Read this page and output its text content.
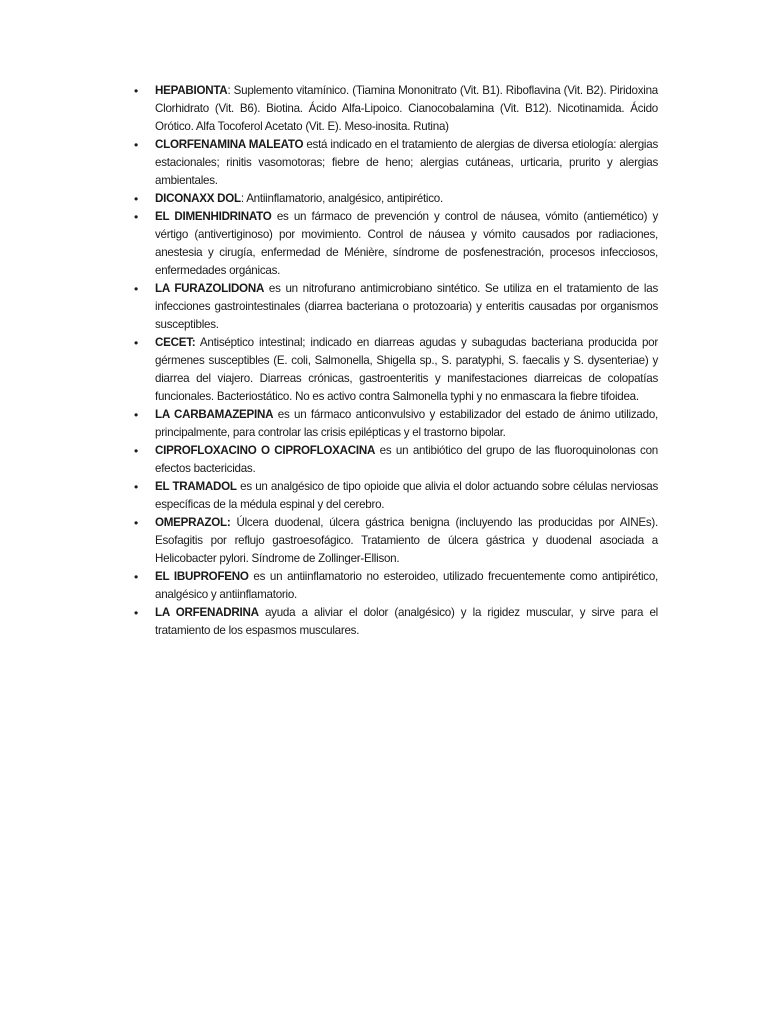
•	HEPABIONTA: Suplemento vitamínico. (Tiamina Mononitrato (Vit. B1). Riboflavina (Vit. B2). Piridoxina Clorhidrato (Vit. B6). Biotina. Ácido Alfa-Lipoico. Cianocobalamina (Vit. B12). Nicotinamida. Ácido Orótico. Alfa Tocoferol Acetato (Vit. E). Meso-inosita. Rutina)
•	CLORFENAMINA MALEATO está indicado en el tratamiento de alergias de diversa etiología: alergias estacionales; rinitis vasomotoras; fiebre de heno; alergias cutáneas, urticaria, prurito y alergias ambientales.
•	DICONAXX DOL: Antiinflamatorio, analgésico, antipirético.
•	EL DIMENHIDRINATO es un fármaco de prevención y control de náusea, vómito (antiemético) y vértigo (antivertiginoso) por movimiento. Control de náusea y vómito causados por radiaciones, anestesia y cirugía, enfermedad de Ménière, síndrome de posfenestración, procesos infecciosos, enfermedades orgánicas.
•	LA FURAZOLIDONA es un nitrofurano antimicrobiano sintético. Se utiliza en el tratamiento de las infecciones gastrointestinales (diarrea bacteriana o protozoaria) y enteritis causadas por organismos susceptibles.
•	CECET: Antiséptico intestinal; indicado en diarreas agudas y subagudas bacteriana producida por gérmenes susceptibles (E. coli, Salmonella, Shigella sp., S. paratyphi, S. faecalis y S. dysenteriae) y diarrea del viajero. Diarreas crónicas, gastroenteritis y manifestaciones diarreicas de colopatías funcionales. Bacteriostático. No es activo contra Salmonella typhi y no enmascara la fiebre tifoidea.
•	LA CARBAMAZEPINA es un fármaco anticonvulsivo y estabilizador del estado de ánimo utilizado, principalmente, para controlar las crisis epilépticas y el trastorno bipolar.
•	CIPROFLOXACINO O CIPROFLOXACINA es un antibiótico del grupo de las fluoroquinolonas con efectos bactericidas.
•	EL TRAMADOL es un analgésico de tipo opioide que alivia el dolor actuando sobre células nerviosas específicas de la médula espinal y del cerebro.
•	OMEPRAZOL: Úlcera duodenal, úlcera gástrica benigna (incluyendo las producidas por AINEs). Esofagitis por reflujo gastroesofágico. Tratamiento de úlcera gástrica y duodenal asociada a Helicobacter pylori. Síndrome de Zollinger-Ellison.
•	EL IBUPROFENO es un antiinflamatorio no esteroideo, utilizado frecuentemente como antipirético, analgésico y antiinflamatorio.
•	LA ORFENADRINA ayuda a aliviar el dolor (analgésico) y la rigidez muscular, y sirve para el tratamiento de los espasmos musculares.
